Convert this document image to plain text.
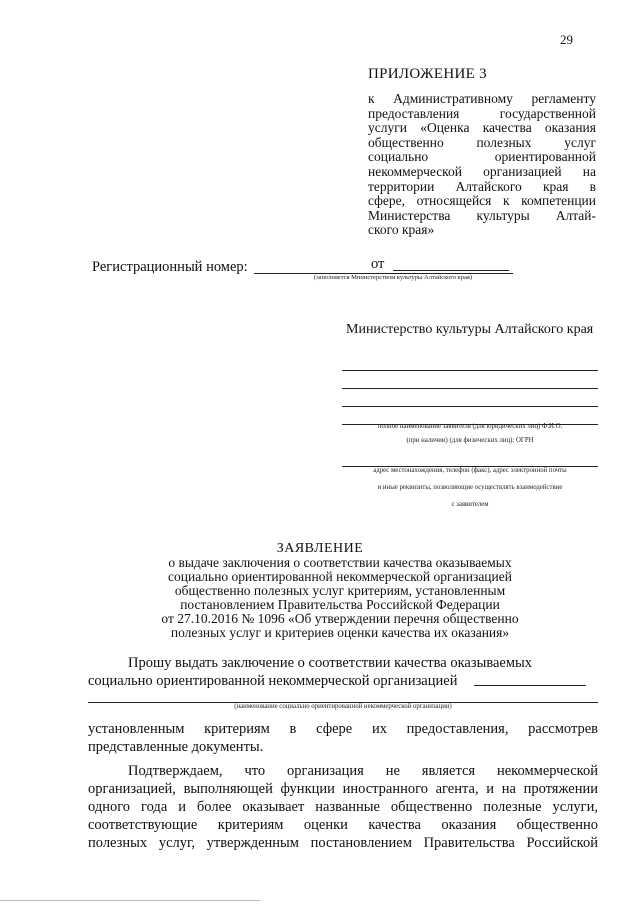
29
ПРИЛОЖЕНИЕ 3
к Административному регламенту
предоставления государственной
услуги «Оценка качества оказания
общественно полезных услуг
социально ориентированной
некоммерческой организацией на
территории Алтайского края в
сфере, относящейся к компетенции
Министерства культуры Алтай-
ского края»
Регистрационный номер:	от
(заполняется Министерством культуры Алтайского края)
Министерство культуры Алтайского края
полное наименование заявителя (для юридических лиц) Ф.И.О.
(при наличии) (для физических лиц); ОГРН
адрес местонахождения, телефон (факс), адрес электронной почты
и иные реквизиты, позволяющие осуществлять взаимодействие
с заявителем
ЗАЯВЛЕНИЕ
о выдаче заключения о соответствии качества оказываемых
социально ориентированной некоммерческой организацией
общественно полезных услуг критериям, установленным
постановлением Правительства Российской Федерации
от 27.10.2016 № 1096 «Об утверждении перечня общественно
полезных услуг и критериев оценки качества их оказания»
Прошу выдать заключение о соответствии качества оказываемых
социально ориентированной некоммерческой организацией
(наименование социально ориентированной некоммерческой организации)
установленным критериям в сфере их предоставления, рассмотрев
представленные документы.
Подтверждаем, что организация не является некоммерческой
организацией, выполняющей функции иностранного агента, и на протяжении
одного года и более оказывает названные общественно полезные услуги,
соответствующие критериям оценки качества оказания общественно
полезных услуг, утвержденным постановлением Правительства Российской
